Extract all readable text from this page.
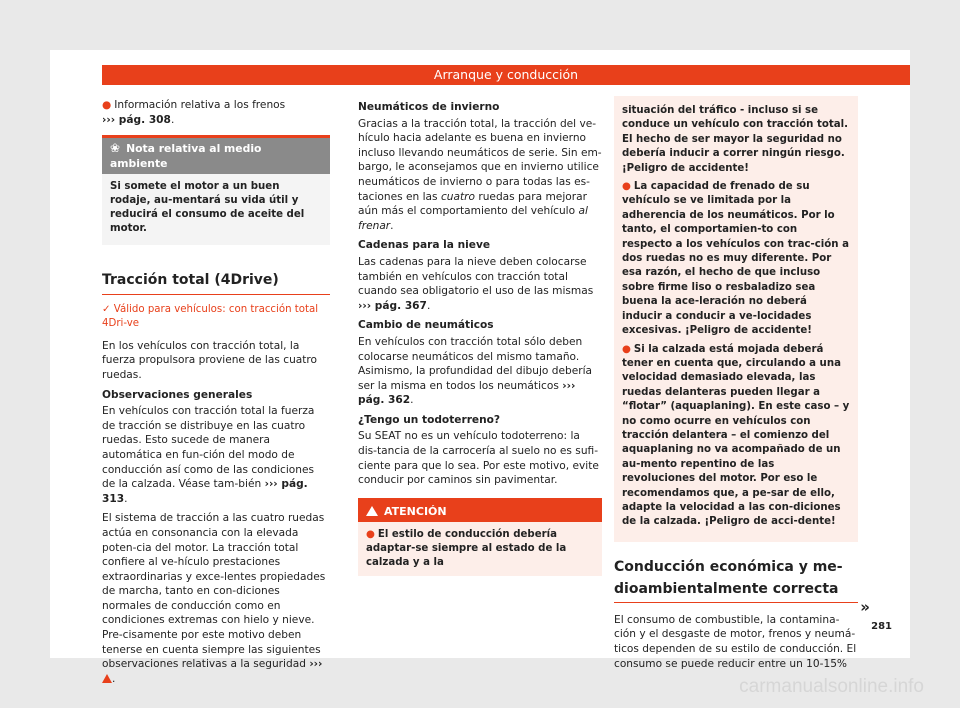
Arranque y conducción
● Información relativa a los frenos
››› pág. 308.
❀ Nota relativa al medio ambiente
Si somete el motor a un buen rodaje, au-mentará su vida útil y reducirá el consumo de aceite del motor.
Tracción total (4Drive)
✓ Válido para vehículos: con tracción total 4Dri-ve
En los vehículos con tracción total, la fuerza propulsora proviene de las cuatro ruedas.
Observaciones generales
En vehículos con tracción total la fuerza de tracción se distribuye en las cuatro ruedas. Esto sucede de manera automática en fun-ción del modo de conducción así como de las condiciones de la calzada. Véase tam-bién ››› pág. 313.
El sistema de tracción a las cuatro ruedas actúa en consonancia con la elevada poten-cia del motor. La tracción total confiere al ve-hículo prestaciones extraordinarias y exce-lentes propiedades de marcha, tanto en con-diciones normales de conducción como en condiciones extremas con hielo y nieve. Pre-cisamente por este motivo deben tenerse en cuenta siempre las siguientes observaciones relativas a la seguridad ››› .
Neumáticos de invierno
Gracias a la tracción total, la tracción del ve-hículo hacia adelante es buena en invierno incluso llevando neumáticos de serie. Sin em-bargo, le aconsejamos que en invierno utilice neumáticos de invierno o para todas las es-taciones en las cuatro ruedas para mejorar aún más el comportamiento del vehículo al frenar.
Cadenas para la nieve
Las cadenas para la nieve deben colocarse también en vehículos con tracción total cuando sea obligatorio el uso de las mismas ››› pág. 367.
Cambio de neumáticos
En vehículos con tracción total sólo deben colocarse neumáticos del mismo tamaño. Asimismo, la profundidad del dibujo debería ser la misma en todos los neumáticos ››› pág. 362.
¿Tengo un todoterreno?
Su SEAT no es un vehículo todoterreno: la dis-tancia de la carrocería al suelo no es sufi-ciente para que lo sea. Por este motivo, evite conducir por caminos sin pavimentar.
ATENCIÓN
● El estilo de conducción debería adaptar-se siempre al estado de la calzada y a la
situación del tráfico - incluso si se conduce un vehículo con tracción total. El hecho de ser mayor la seguridad no debería inducir a correr ningún riesgo. ¡Peligro de accidente!
● La capacidad de frenado de su vehículo se ve limitada por la adherencia de los neumáticos. Por lo tanto, el comportamien-to con respecto a los vehículos con trac-ción a dos ruedas no es muy diferente. Por esa razón, el hecho de que incluso sobre firme liso o resbaladizo sea buena la ace-leración no deberá inducir a conducir a ve-locidades excesivas. ¡Peligro de accidente!
● Si la calzada está mojada deberá tener en cuenta que, circulando a una velocidad demasiado elevada, las ruedas delanteras pueden llegar a “flotar” (aquaplaning). En este caso – y no como ocurre en vehículos con tracción delantera – el comienzo del aquaplaning no va acompañado de un au-mento repentino de las revoluciones del motor. Por eso le recomendamos que, a pe-sar de ello, adapte la velocidad a las con-diciones de la calzada. ¡Peligro de acci-dente!
Conducción económica y me-dioambientalmente correcta
El consumo de combustible, la contamina-ción y el desgaste de motor, frenos y neumá-ticos dependen de su estilo de conducción. El consumo se puede reducir entre un 10-15%
»
281
carmanualsonline.info
